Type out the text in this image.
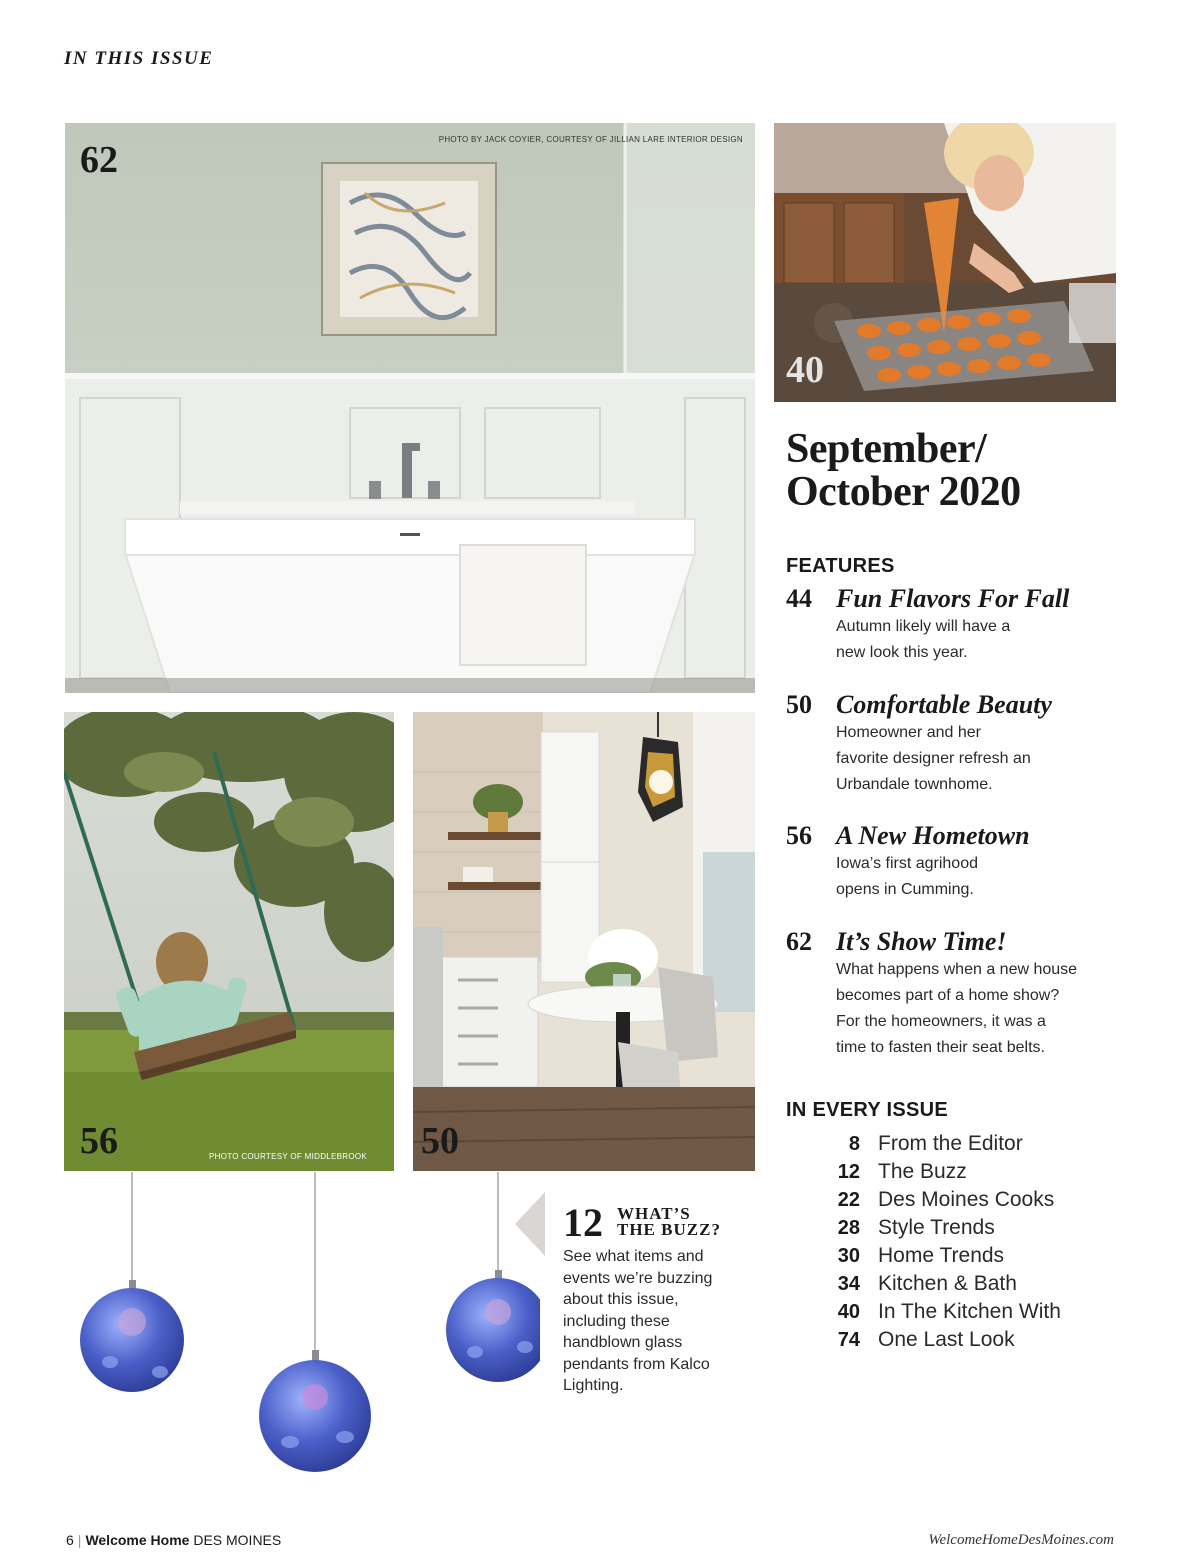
IN THIS ISSUE
62	PHOTO BY JACK COYIER, COURTESY OF JILLIAN LARE INTERIOR DESIGN
40
September/
October 2020
FEATURES
44 Fun Flavors For Fall
Autumn likely will have a
new look this year.
50 Comfortable Beauty
Homeowner and her
favorite designer refresh an
Urbandale townhome.
56 A New Hometown
Iowa’s first agrihood
opens in Cumming.
62 It’s Show Time!
What happens when a new house
becomes part of a home show?
For the homeowners, it was a
time to fasten their seat belts.
IN EVERY ISSUE
8 From the Editor
12 The Buzz
22 Des Moines Cooks
28 Style Trends
30 Home Trends
34 Kitchen & Bath
40 In The Kitchen With
74 One Last Look
56	PHOTO COURTESY OF MIDDLEBROOK 50
12 WHAT’S
THE BUZZ?
See what items and events we’re buzzing about this issue, including these handblown glass pendants from Kalco Lighting.
6 | Welcome Home DES MOINES	WelcomeHomeDesMoines.com
